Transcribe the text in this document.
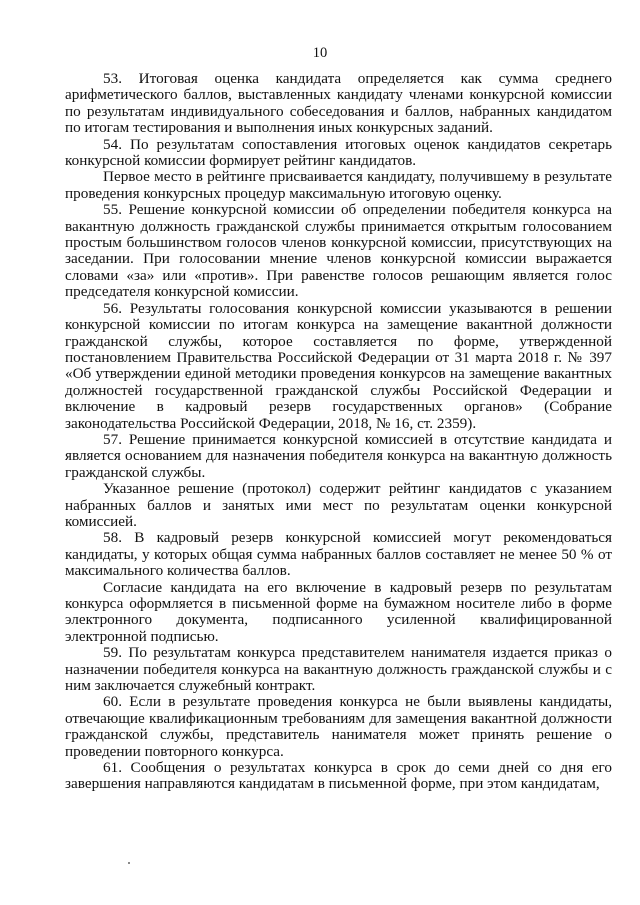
10

53. Итоговая оценка кандидата определяется как сумма среднего арифметического баллов, выставленных кандидату членами конкурсной комиссии по результатам индивидуального собеседования и баллов, набранных кандидатом по итогам тестирования и выполнения иных конкурсных заданий.

54. По результатам сопоставления итоговых оценок кандидатов секретарь конкурсной комиссии формирует рейтинг кандидатов.

Первое место в рейтинге присваивается кандидату, получившему в результате проведения конкурсных процедур максимальную итоговую оценку.

55. Решение конкурсной комиссии об определении победителя конкурса на вакантную должность гражданской службы принимается открытым голосованием простым большинством голосов членов конкурсной комиссии, присутствующих на заседании. При голосовании мнение членов конкурсной комиссии выражается словами «за» или «против». При равенстве голосов решающим является голос председателя конкурсной комиссии.

56. Результаты голосования конкурсной комиссии указываются в решении конкурсной комиссии по итогам конкурса на замещение вакантной должности гражданской службы, которое составляется по форме, утвержденной постановлением Правительства Российской Федерации от 31 марта 2018 г. № 397 «Об утверждении единой методики проведения конкурсов на замещение вакантных должностей государственной гражданской службы Российской Федерации и включение в кадровый резерв государственных органов» (Собрание законодательства Российской Федерации, 2018, № 16, ст. 2359).

57. Решение принимается конкурсной комиссией в отсутствие кандидата и является основанием для назначения победителя конкурса на вакантную должность гражданской службы.

Указанное решение (протокол) содержит рейтинг кандидатов с указанием набранных баллов и занятых ими мест по результатам оценки конкурсной комиссией.

58. В кадровый резерв конкурсной комиссией могут рекомендоваться кандидаты, у которых общая сумма набранных баллов составляет не менее 50 % от максимального количества баллов.

Согласие кандидата на его включение в кадровый резерв по результатам конкурса оформляется в письменной форме на бумажном носителе либо в форме электронного документа, подписанного усиленной квалифицированной электронной подписью.

59. По результатам конкурса представителем нанимателя издается приказ о назначении победителя конкурса на вакантную должность гражданской службы и с ним заключается служебный контракт.

60. Если в результате проведения конкурса не были выявлены кандидаты, отвечающие квалификационным требованиям для замещения вакантной должности гражданской службы, представитель нанимателя может принять решение о проведении повторного конкурса.

61. Сообщения о результатах конкурса в срок до семи дней со дня его завершения направляются кандидатам в письменной форме, при этом кандидатам,
